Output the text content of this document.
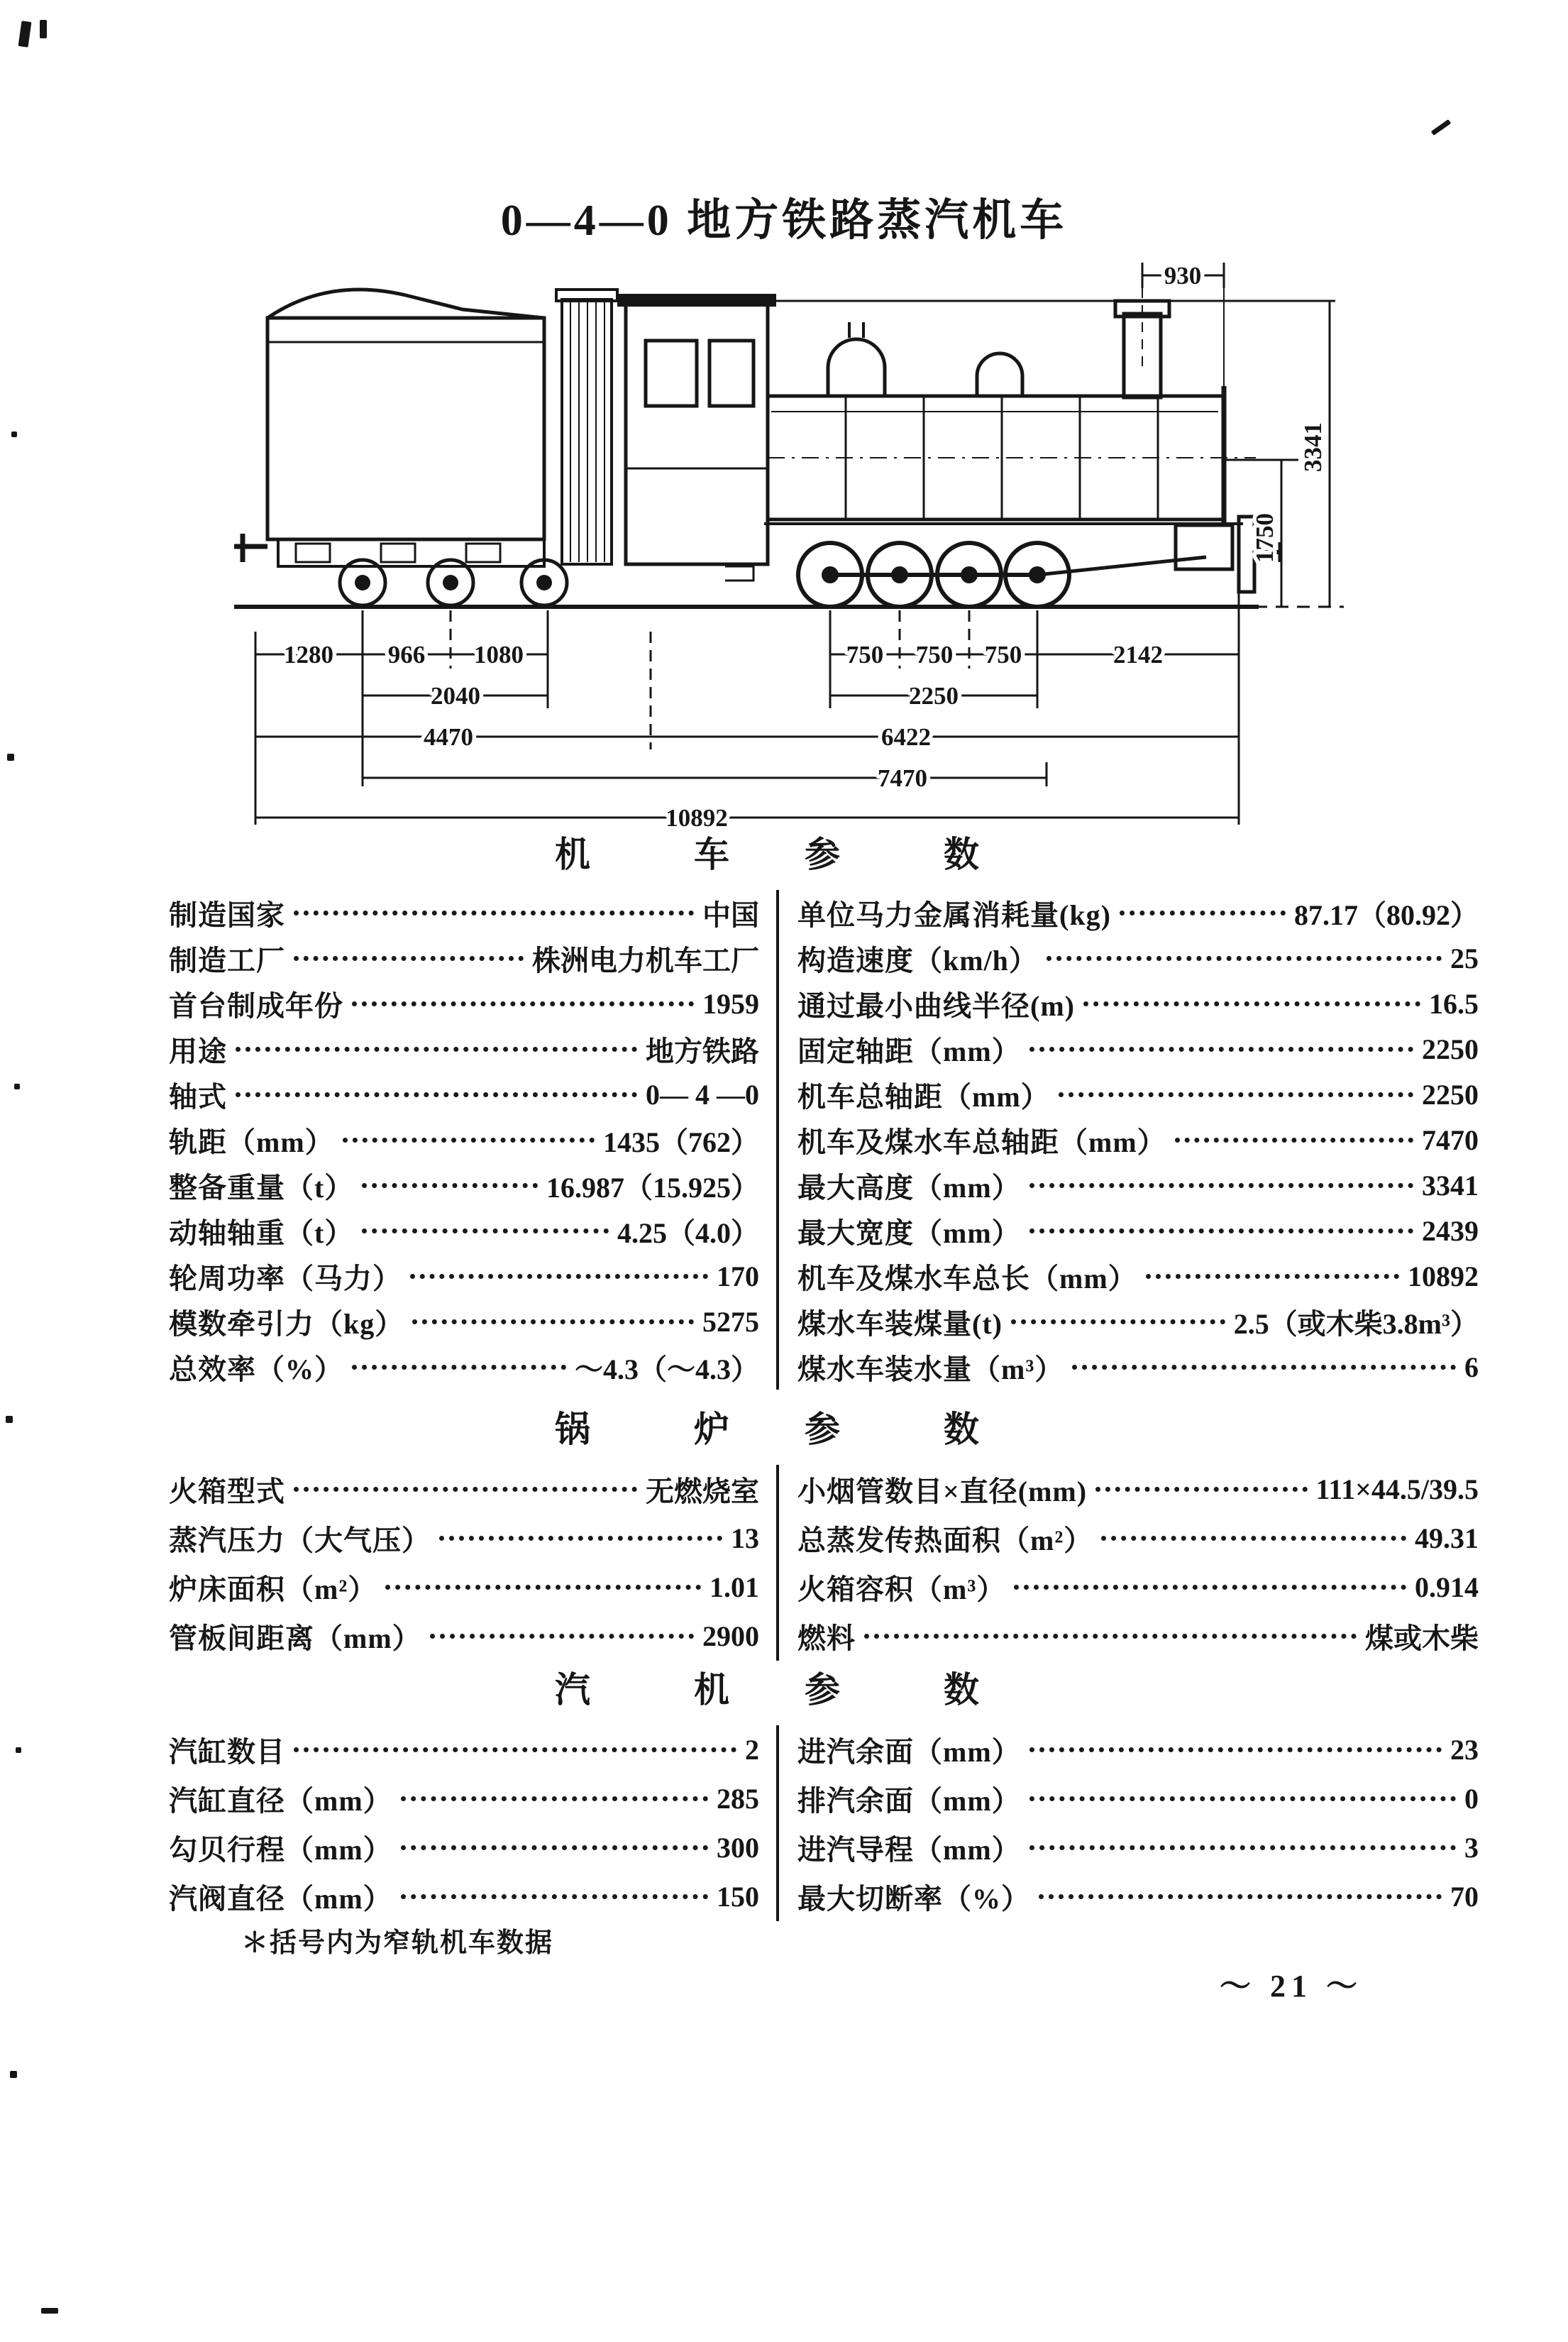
0—4—0 地方铁路蒸汽机车
930
3341
1750
1280 966 1080	750 750 750	2142
2040	2250
4470	6422
7470
10892
机　车 参　数
制造国家	中国
制造工厂	株洲电力机车工厂
首台制成年份	1959
用途	地方铁路
轴式	0— 4 —0
轨距（mm）	1435（762）
整备重量（t）	16.987（15.925）
动轴轴重（t）	4.25（4.0）
轮周功率（马力）	170
模数牵引力（kg）	5275
总效率（%）	～4.3（～4.3）
单位马力金属消耗量(kg)	87.17（80.92）
构造速度（km/h）	25
通过最小曲线半径(m)	16.5
固定轴距（mm）	2250
机车总轴距（mm）	2250
机车及煤水车总轴距（mm）	7470
最大高度（mm）	3341
最大宽度（mm）	2439
机车及煤水车总长（mm）	10892
煤水车装煤量(t)	2.5（或木柴3.8m³）
煤水车装水量（m³）	6
锅　炉 参　数
火箱型式	无燃烧室
蒸汽压力（大气压）	13
炉床面积（m²）	1.01
管板间距离（mm）	2900
小烟管数目×直径(mm)	111×44.5/39.5
总蒸发传热面积（m²）	49.31
火箱容积（m³）	0.914
燃料	煤或木柴
汽　机 参　数
汽缸数目	2
汽缸直径（mm）	285
勾贝行程（mm）	300
汽阀直径（mm）	150
进汽余面（mm）	23
排汽余面（mm）	0
进汽导程（mm）	3
最大切断率（%）	70
＊括号内为窄轨机车数据
～ 21 ～
